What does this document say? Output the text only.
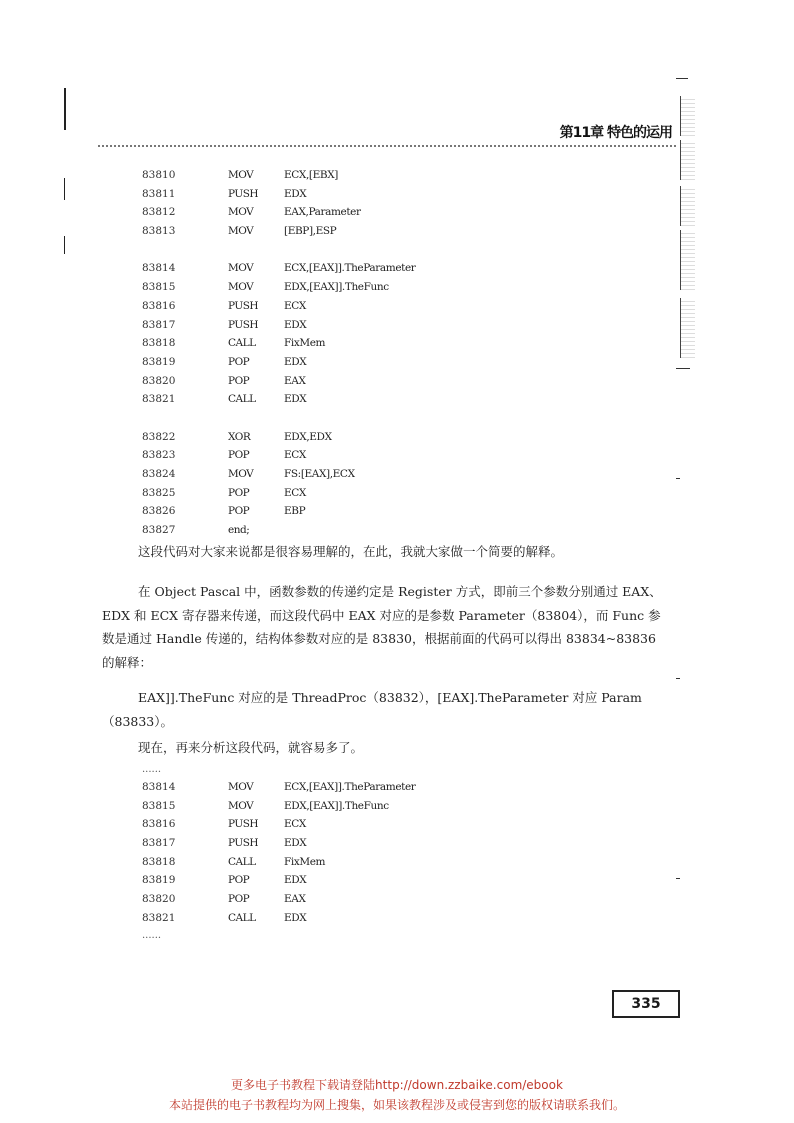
第11章 特色的运用
83810	MOV	ECX,[EBX]
83811	PUSH	EDX
83812	MOV	EAX,Parameter
83813	MOV	[EBP],ESP
83814	MOV	ECX,[EAX]].TheParameter
83815	MOV	EDX,[EAX]].TheFunc
83816	PUSH	ECX
83817	PUSH	EDX
83818	CALL	FixMem
83819	POP	EDX
83820	POP	EAX
83821	CALL	EDX
83822	XOR	EDX,EDX
83823	POP	ECX
83824	MOV	FS:[EAX],ECX
83825	POP	ECX
83826	POP	EBP
83827	end;
这段代码对大家来说都是很容易理解的，在此，我就大家做一个简要的解释。
在 Object Pascal 中，函数参数的传递约定是 Register 方式，即前三个参数分别通过 EAX、EDX 和 ECX 寄存器来传递，而这段代码中 EAX 对应的是参数 Parameter（83804），而 Func 参数是通过 Handle 传递的，结构体参数对应的是 83830，根据前面的代码可以得出 83834~83836 的解释：
EAX]].TheFunc 对应的是 ThreadProc（83832），[EAX].TheParameter 对应 Param（83833）。
现在，再来分析这段代码，就容易多了。
......
83814	MOV	ECX,[EAX]].TheParameter
83815	MOV	EDX,[EAX]].TheFunc
83816	PUSH	ECX
83817	PUSH	EDX
83818	CALL	FixMem
83819	POP	EDX
83820	POP	EAX
83821	CALL	EDX
......
335
更多电子书教程下载请登陆http://down.zzbaike.com/ebook
本站提供的电子书教程均为网上搜集，如果该教程涉及或侵害到您的版权请联系我们。
